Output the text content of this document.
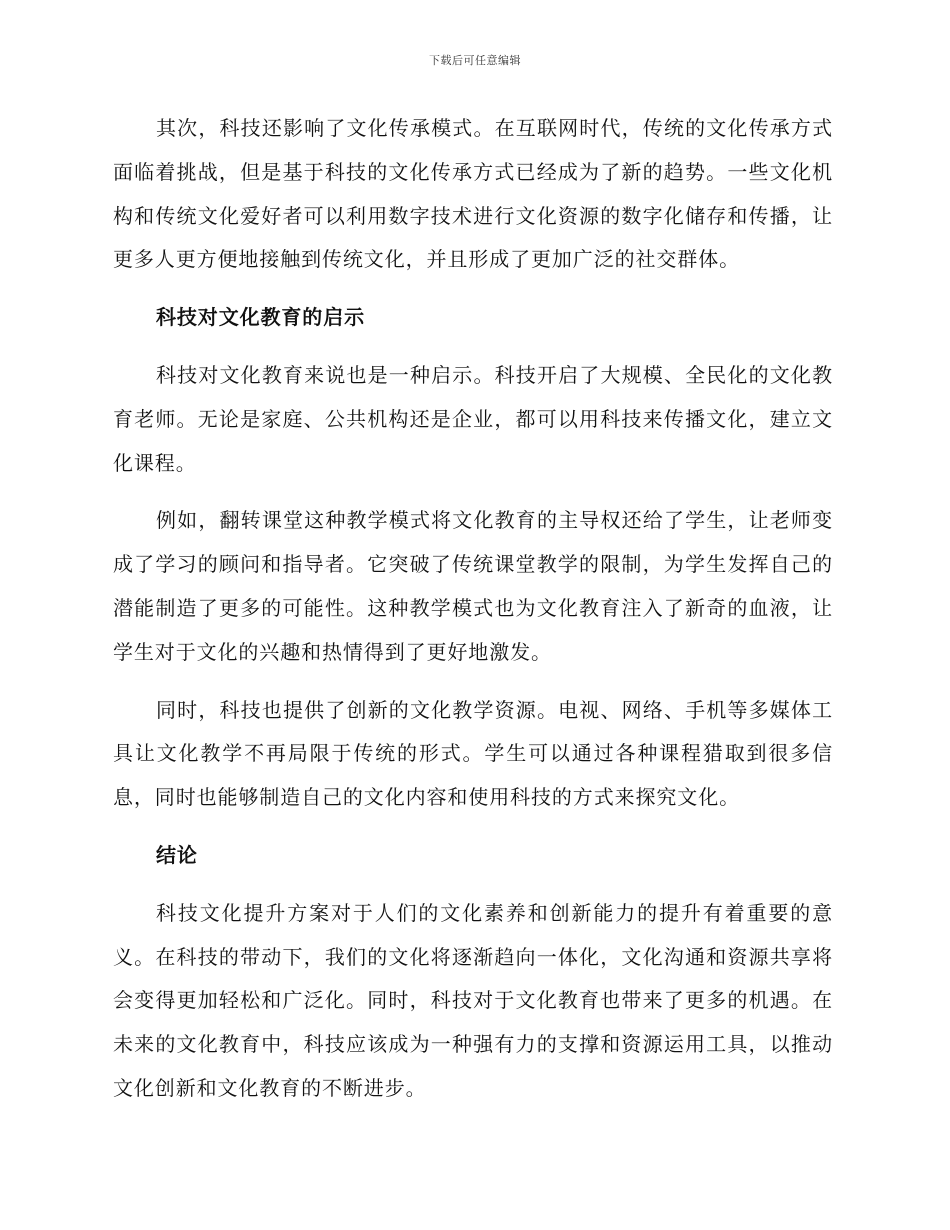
下载后可任意编辑

其次，科技还影响了文化传承模式。在互联网时代，传统的文化传承方式面临着挑战，但是基于科技的文化传承方式已经成为了新的趋势。一些文化机构和传统文化爱好者可以利用数字技术进行文化资源的数字化储存和传播，让更多人更方便地接触到传统文化，并且形成了更加广泛的社交群体。

科技对文化教育的启示

科技对文化教育来说也是一种启示。科技开启了大规模、全民化的文化教育老师。无论是家庭、公共机构还是企业，都可以用科技来传播文化，建立文化课程。

例如，翻转课堂这种教学模式将文化教育的主导权还给了学生，让老师变成了学习的顾问和指导者。它突破了传统课堂教学的限制，为学生发挥自己的潜能制造了更多的可能性。这种教学模式也为文化教育注入了新奇的血液，让学生对于文化的兴趣和热情得到了更好地激发。

同时，科技也提供了创新的文化教学资源。电视、网络、手机等多媒体工具让文化教学不再局限于传统的形式。学生可以通过各种课程猎取到很多信息，同时也能够制造自己的文化内容和使用科技的方式来探究文化。

结论

科技文化提升方案对于人们的文化素养和创新能力的提升有着重要的意义。在科技的带动下，我们的文化将逐渐趋向一体化，文化沟通和资源共享将会变得更加轻松和广泛化。同时，科技对于文化教育也带来了更多的机遇。在未来的文化教育中，科技应该成为一种强有力的支撑和资源运用工具，以推动文化创新和文化教育的不断进步。
